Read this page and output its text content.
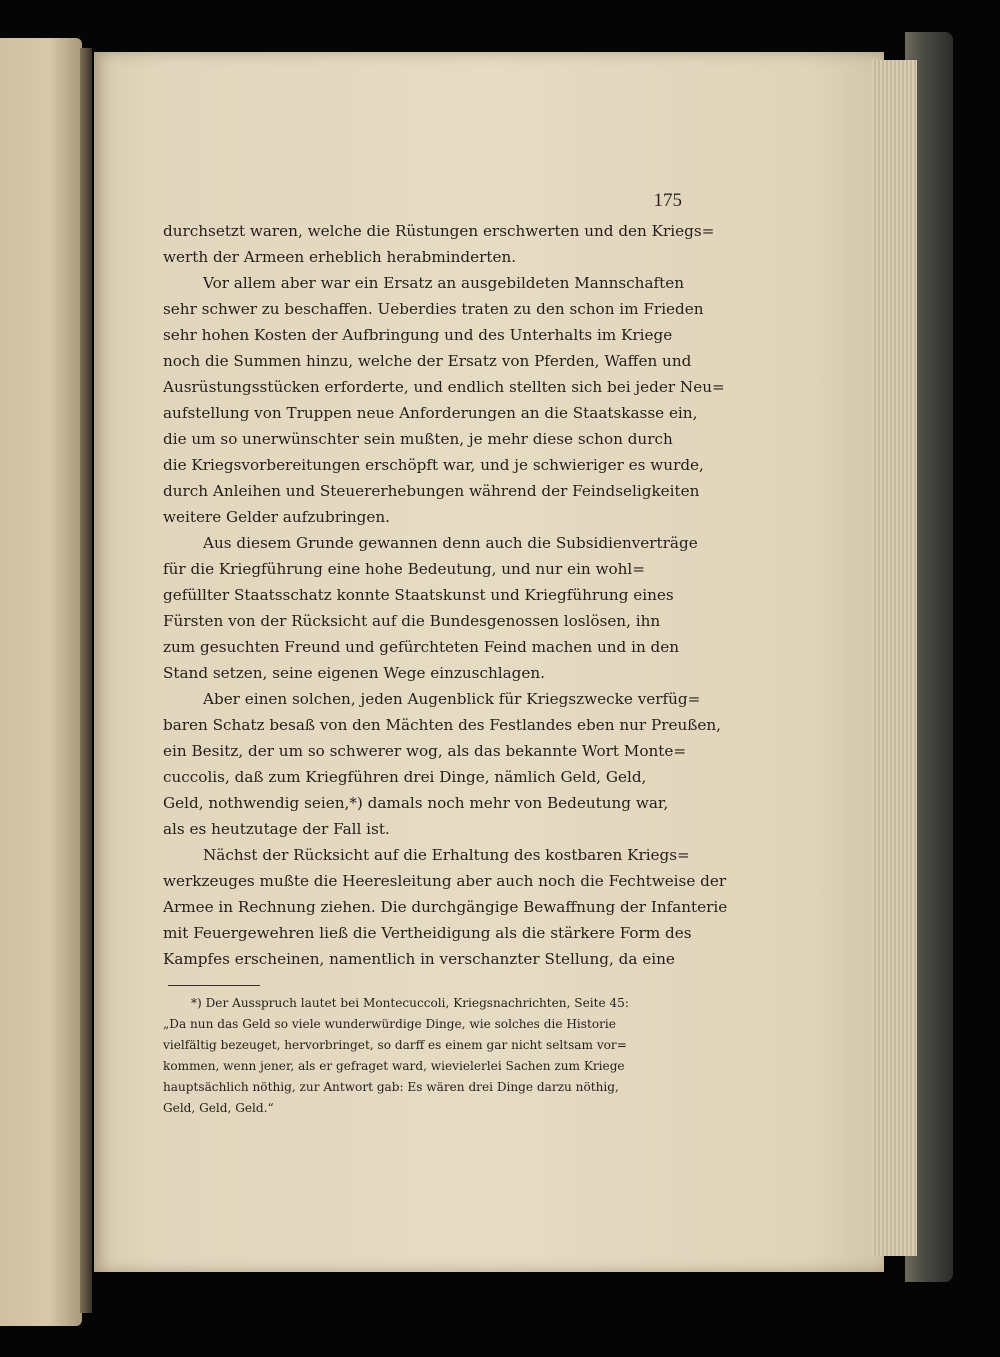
175
durchsetzt waren, welche die Rüstungen erschwerten und den Kriegs=
werth der Armeen erheblich herabminderten.
Vor allem aber war ein Ersatz an ausgebildeten Mannschaften
sehr schwer zu beschaffen. Ueberdies traten zu den schon im Frieden
sehr hohen Kosten der Aufbringung und des Unterhalts im Kriege
noch die Summen hinzu, welche der Ersatz von Pferden, Waffen und
Ausrüstungsstücken erforderte, und endlich stellten sich bei jeder Neu=
aufstellung von Truppen neue Anforderungen an die Staatskasse ein,
die um so unerwünschter sein mußten, je mehr diese schon durch
die Kriegsvorbereitungen erschöpft war, und je schwieriger es wurde,
durch Anleihen und Steuererhebungen während der Feindseligkeiten
weitere Gelder aufzubringen.
Aus diesem Grunde gewannen denn auch die Subsidienverträge
für die Kriegführung eine hohe Bedeutung, und nur ein wohl=
gefüllter Staatsschatz konnte Staatskunst und Kriegführung eines
Fürsten von der Rücksicht auf die Bundesgenossen loslösen, ihn
zum gesuchten Freund und gefürchteten Feind machen und in den
Stand setzen, seine eigenen Wege einzuschlagen.
Aber einen solchen, jeden Augenblick für Kriegszwecke verfüg=
baren Schatz besaß von den Mächten des Festlandes eben nur Preußen,
ein Besitz, der um so schwerer wog, als das bekannte Wort Monte=
cuccolis, daß zum Kriegführen drei Dinge, nämlich Geld, Geld,
Geld, nothwendig seien,*) damals noch mehr von Bedeutung war,
als es heutzutage der Fall ist.
Nächst der Rücksicht auf die Erhaltung des kostbaren Kriegs=
werkzeuges mußte die Heeresleitung aber auch noch die Fechtweise der
Armee in Rechnung ziehen. Die durchgängige Bewaffnung der Infanterie
mit Feuergewehren ließ die Vertheidigung als die stärkere Form des
Kampfes erscheinen, namentlich in verschanzter Stellung, da eine
*) Der Ausspruch lautet bei Montecuccoli, Kriegsnachrichten, Seite 45:
„Da nun das Geld so viele wunderwürdige Dinge, wie solches die Historie
vielfältig bezeuget, hervorbringet, so darff es einem gar nicht seltsam vor=
kommen, wenn jener, als er gefraget ward, wievielerlei Sachen zum Kriege
hauptsächlich nöthig, zur Antwort gab: Es wären drei Dinge darzu nöthig,
Geld, Geld, Geld.“
